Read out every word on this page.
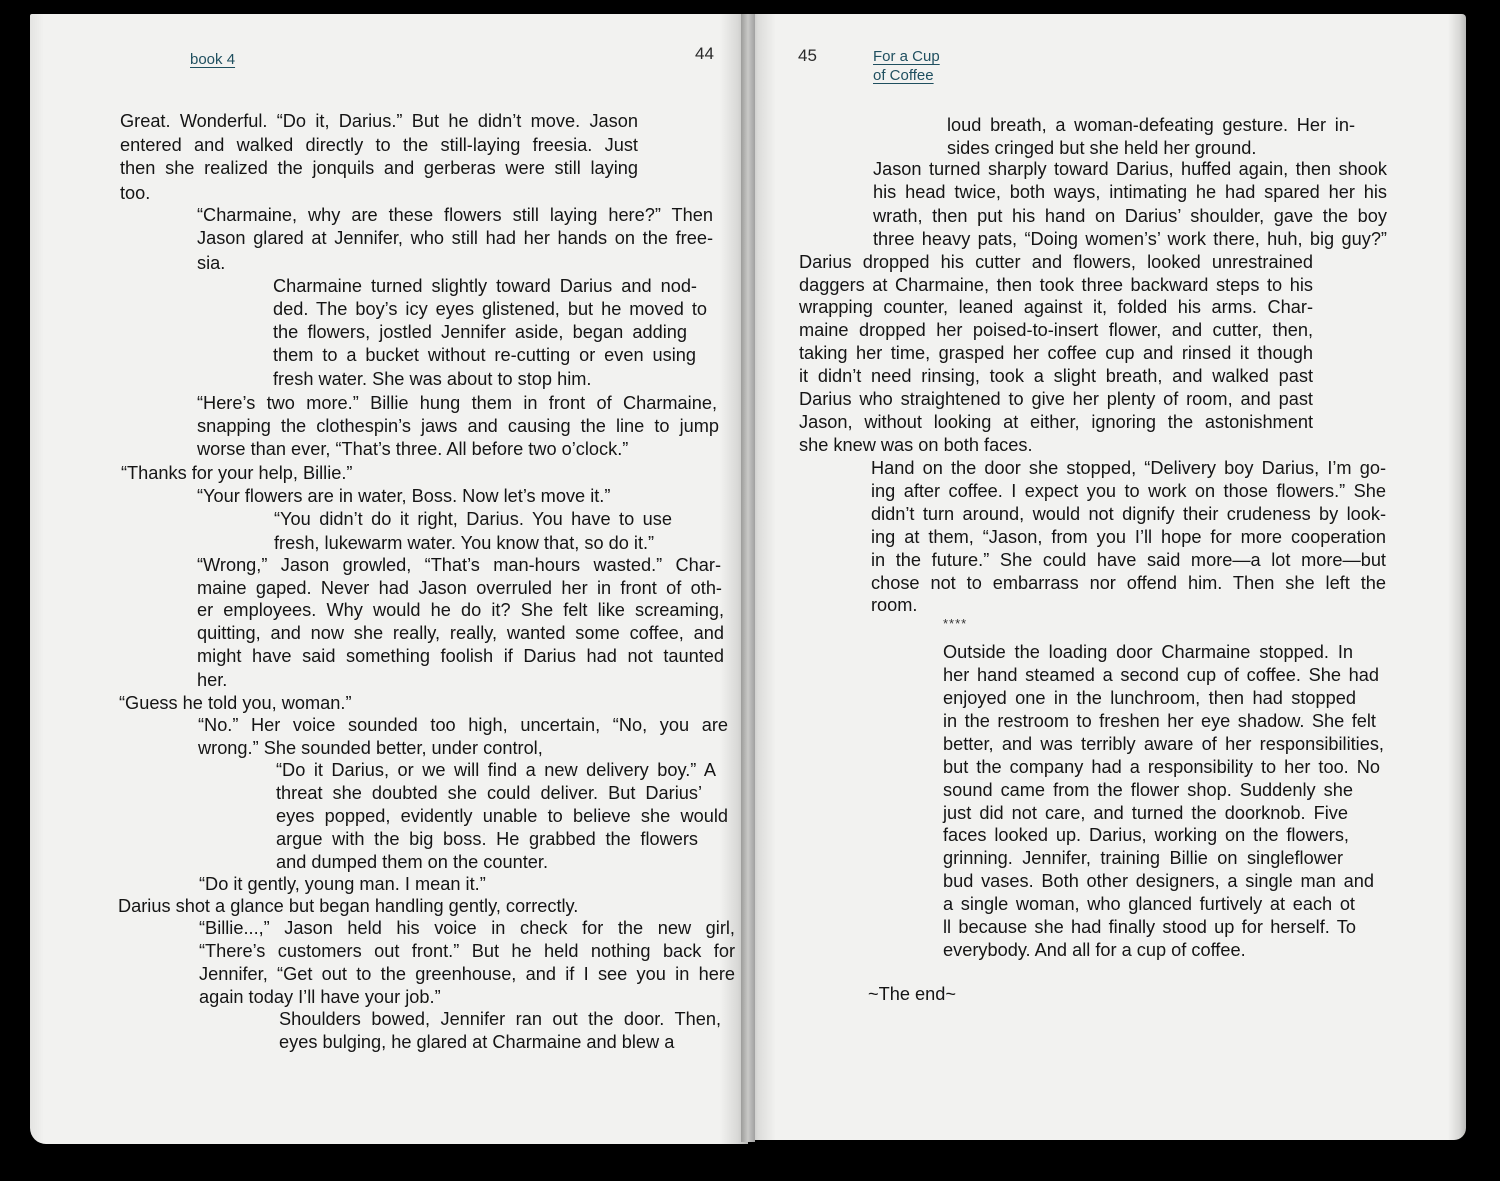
book 4	44	45	For a Cup
of Coffee
Great. Wonderful. “Do it, Darius.” But he didn’t move. Jason
entered and walked directly to the still-laying freesia. Just
then she realized the jonquils and gerberas were still laying
too.
“Charmaine, why are these flowers still laying here?” Then
Jason glared at Jennifer, who still had her hands on the free-
sia.
Charmaine turned slightly toward Darius and nod-
ded. The boy’s icy eyes glistened, but he moved to
the flowers, jostled Jennifer aside, began adding
them to a bucket without re-cutting or even using
fresh water. She was about to stop him.
“Here’s two more.” Billie hung them in front of Charmaine,
snapping the clothespin’s jaws and causing the line to jump
worse than ever, “That’s three. All before two o’clock.”
“Thanks for your help, Billie.”
“Your flowers are in water, Boss. Now let’s move it.”
“You didn’t do it right, Darius. You have to use
fresh, lukewarm water. You know that, so do it.”
“Wrong,” Jason growled, “That’s man-hours wasted.” Char-
maine gaped. Never had Jason overruled her in front of oth-
er employees. Why would he do it? She felt like screaming,
quitting, and now she really, really, wanted some coffee, and
might have said something foolish if Darius had not taunted
her.
“Guess he told you, woman.”
“No.” Her voice sounded too high, uncertain, “No, you are
wrong.” She sounded better, under control,
“Do it Darius, or we will find a new delivery boy.” A
threat she doubted she could deliver. But Darius’
eyes popped, evidently unable to believe she would
argue with the big boss. He grabbed the flowers
and dumped them on the counter.
“Do it gently, young man. I mean it.”
Darius shot a glance but began handling gently, correctly.
“Billie...,” Jason held his voice in check for the new girl,
“There’s customers out front.” But he held nothing back for
Jennifer, “Get out to the greenhouse, and if I see you in here
again today I’ll have your job.”
Shoulders bowed, Jennifer ran out the door. Then,
eyes bulging, he glared at Charmaine and blew a
loud breath, a woman-defeating gesture. Her in-
sides cringed but she held her ground.
Jason turned sharply toward Darius, huffed again, then shook
his head twice, both ways, intimating he had spared her his
wrath, then put his hand on Darius’ shoulder, gave the boy
three heavy pats, “Doing women’s’ work there, huh, big guy?”
Darius dropped his cutter and flowers, looked unrestrained
daggers at Charmaine, then took three backward steps to his
wrapping counter, leaned against it, folded his arms. Char-
maine dropped her poised-to-insert flower, and cutter, then,
taking her time, grasped her coffee cup and rinsed it though
it didn’t need rinsing, took a slight breath, and walked past
Darius who straightened to give her plenty of room, and past
Jason, without looking at either, ignoring the astonishment
she knew was on both faces.
Hand on the door she stopped, “Delivery boy Darius, I’m go-
ing after coffee. I expect you to work on those flowers.” She
didn’t turn around, would not dignify their crudeness by look-
ing at them, “Jason, from you I’ll hope for more cooperation
in the future.” She could have said more—a lot more—but
chose not to embarrass nor offend him. Then she left the
room.
****
Outside the loading door Charmaine stopped. In
her hand steamed a second cup of coffee. She had
enjoyed one in the lunchroom, then had stopped
in the restroom to freshen her eye shadow. She felt
better, and was terribly aware of her responsibilities,
but the company had a responsibility to her too. No
sound came from the flower shop. Suddenly she
just did not care, and turned the doorknob. Five
faces looked up. Darius, working on the flowers,
grinning. Jennifer, training Billie on singleflower
bud vases. Both other designers, a single man and
a single woman, who glanced furtively at each ot
ll because she had finally stood up for herself. To
everybody. And all for a cup of coffee.
~The end~
